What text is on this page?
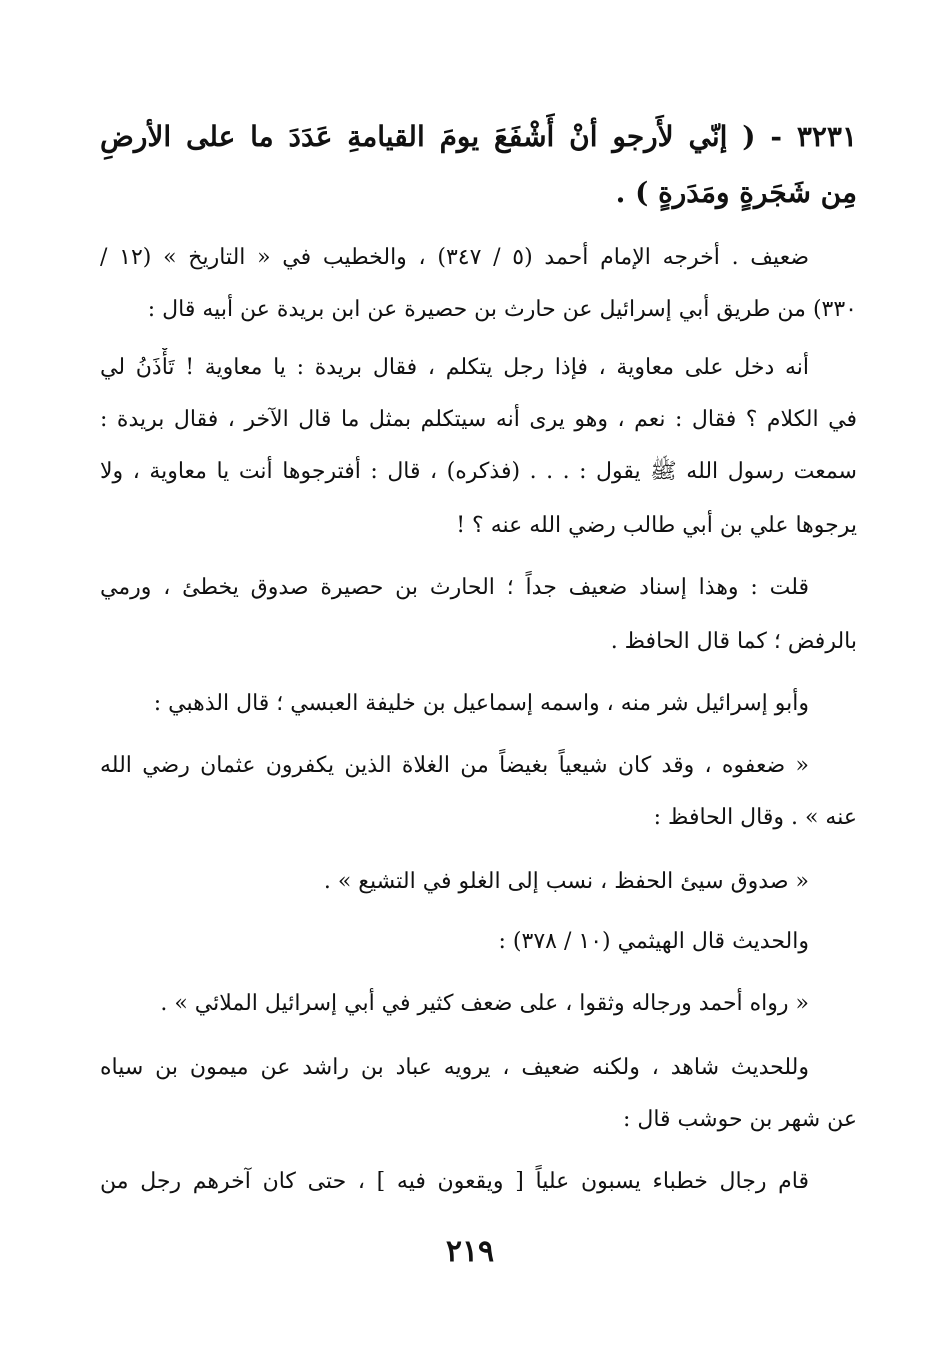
٣٢٣١ - ( إنّي لأَرجو أنْ أَشْفَعَ يومَ القيامةِ عَدَدَ ما على الأرضِ
مِن شَجَرةٍ ومَدَرةٍ ) .
ضعيف . أخرجه الإمام أحمد (٥ / ٣٤٧) ، والخطيب في « التاريخ » (١٢ /
٣٣٠) من طريق أبي إسرائيل عن حارث بن حصيرة عن ابن بريدة عن أبيه قال :
أنه دخل على معاوية ، فإذا رجل يتكلم ، فقال بريدة : يا معاوية ! تَأْذَنُ لي
في الكلام ؟ فقال : نعم ، وهو يرى أنه سيتكلم بمثل ما قال الآخر ، فقال بريدة :
سمعت رسول الله ﷺ يقول : . . . (فذكره) ، قال : أفترجوها أنت يا معاوية ، ولا
يرجوها علي بن أبي طالب رضي الله عنه ؟ !
قلت : وهذا إسناد ضعيف جداً ؛ الحارث بن حصيرة صدوق يخطئ ، ورمي
بالرفض ؛ كما قال الحافظ .
وأبو إسرائيل شر منه ، واسمه إسماعيل بن خليفة العبسي ؛ قال الذهبي :
« ضعفوه ، وقد كان شيعياً بغيضاً من الغلاة الذين يكفرون عثمان رضي الله
عنه » . وقال الحافظ :
« صدوق سيئ الحفظ ، نسب إلى الغلو في التشيع » .
والحديث قال الهيثمي (١٠ / ٣٧٨) :
« رواه أحمد ورجاله وثقوا ، على ضعف كثير في أبي إسرائيل الملائي » .
وللحديث شاهد ، ولكنه ضعيف ، يرويه عباد بن راشد عن ميمون بن سياه
عن شهر بن حوشب قال :
قام رجال خطباء يسبون علياً [ ويقعون فيه ] ، حتى كان آخرهم رجل من
٢١٩
